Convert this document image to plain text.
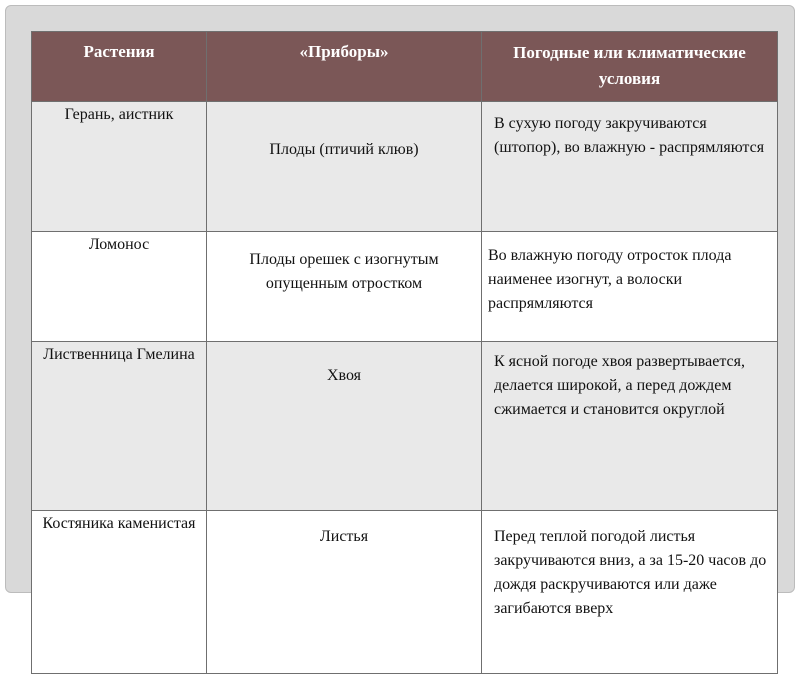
Растения	«Приборы»	Погодные или климатические условия
Герань, аистник	Плоды (птичий клюв)	В сухую погоду закручиваются (штопор), во влажную - распрямляются
Ломонос	Плоды орешек с изогнутым опущенным отростком	Во влажную погоду отросток плода наименее изогнут, а волоски распрямляются
Лиственница Гмелина	Хвоя	К ясной погоде хвоя развертывается, делается широкой, а перед дождем сжимается и становится округлой
Костяника каменистая	Листья	Перед теплой погодой листья закручиваются вниз, а за 15-20 часов до дождя раскручиваются или даже загибаются вверх
